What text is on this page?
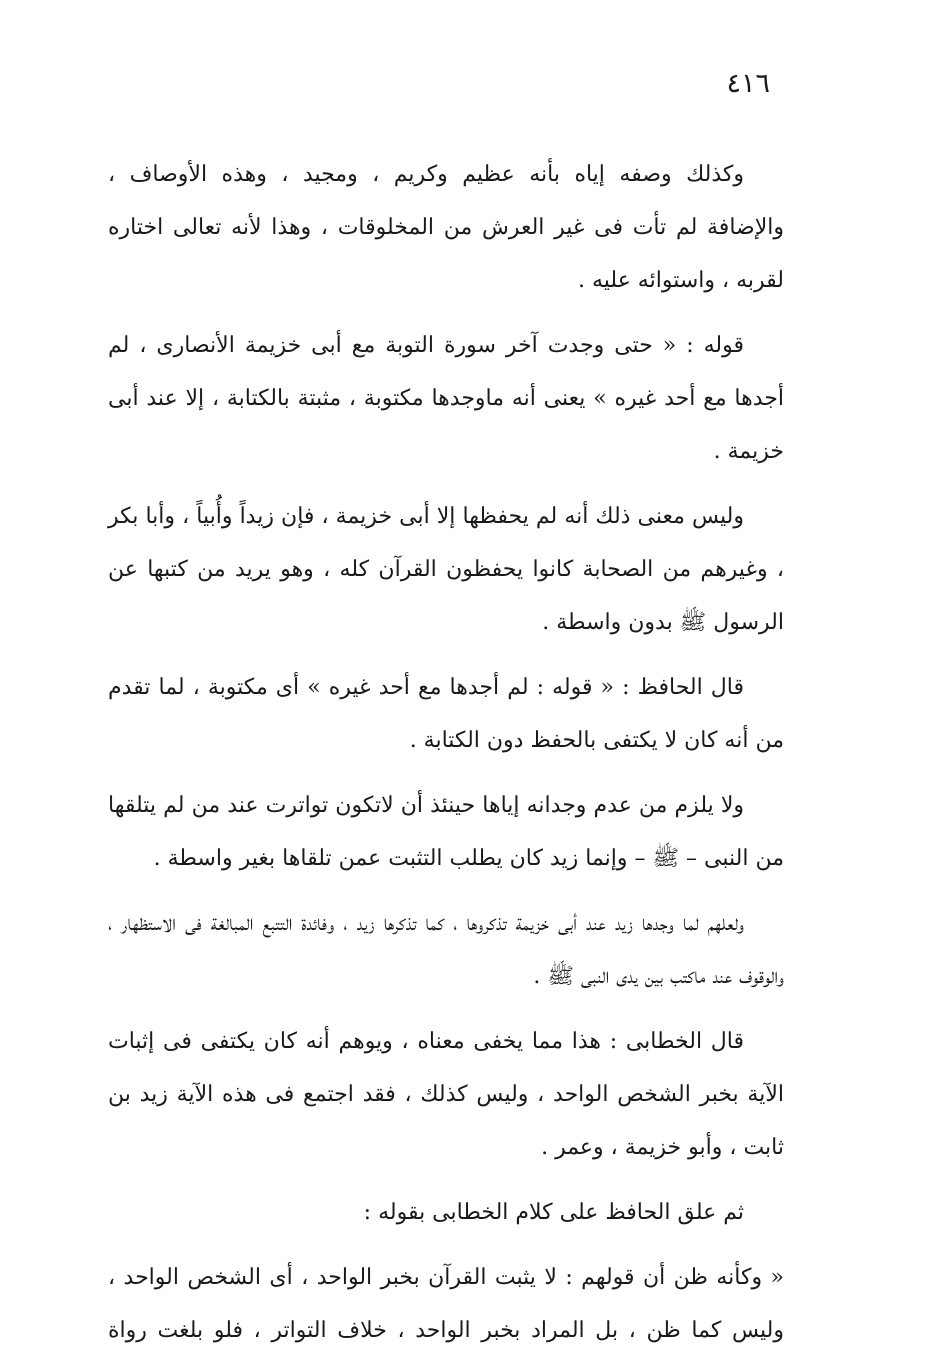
٤١٦

وكذلك وصفه إياه بأنه عظيم وكريم ، ومجيد ، وهذه الأوصاف ، والإضافة لم تأت فى غير العرش من المخلوقات ، وهذا لأنه تعالى اختاره لقربه ، واستوائه عليه .

قوله : « حتى وجدت آخر سورة التوبة مع أبى خزيمة الأنصارى ، لم أجدها مع أحد غيره » يعنى أنه ماوجدها مكتوبة ، مثبتة بالكتابة ، إلا عند أبى خزيمة .

وليس معنى ذلك أنه لم يحفظها إلا أبى خزيمة ، فإن زيداً وأُبياً ، وأبا بكر ، وغيرهم من الصحابة كانوا يحفظون القرآن كله ، وهو يريد من كتبها عن الرسول ﷺ بدون واسطة .

قال الحافظ : « قوله : لم أجدها مع أحد غيره » أى مكتوبة ، لما تقدم من أنه كان لا يكتفى بالحفظ دون الكتابة .

ولا يلزم من عدم وجدانه إياها حينئذ أن لاتكون تواترت عند من لم يتلقها من النبى – ﷺ – وإنما زيد كان يطلب التثبت عمن تلقاها بغير واسطة .

ولعلهم لما وجدها زيد عند أبى خزيمة تذكروها ، كما تذكرها زيد ، وفائدة التتبع المبالغة فى الاستظهار ، والوقوف عند ماكتب بين يدى النبى ﷺ .

قال الخطابى : هذا مما يخفى معناه ، ويوهم أنه كان يكتفى فى إثبات الآية بخبر الشخص الواحد ، وليس كذلك ، فقد اجتمع فى هذه الآية زيد بن ثابت ، وأبو خزيمة ، وعمر .

ثم علق الحافظ على كلام الخطابى بقوله :

« وكأنه ظن أن قولهم : لا يثبت القرآن بخبر الواحد ، أى الشخص الواحد ، وليس كما ظن ، بل المراد بخبر الواحد ، خلاف التواتر ، فلو بلغت رواة
